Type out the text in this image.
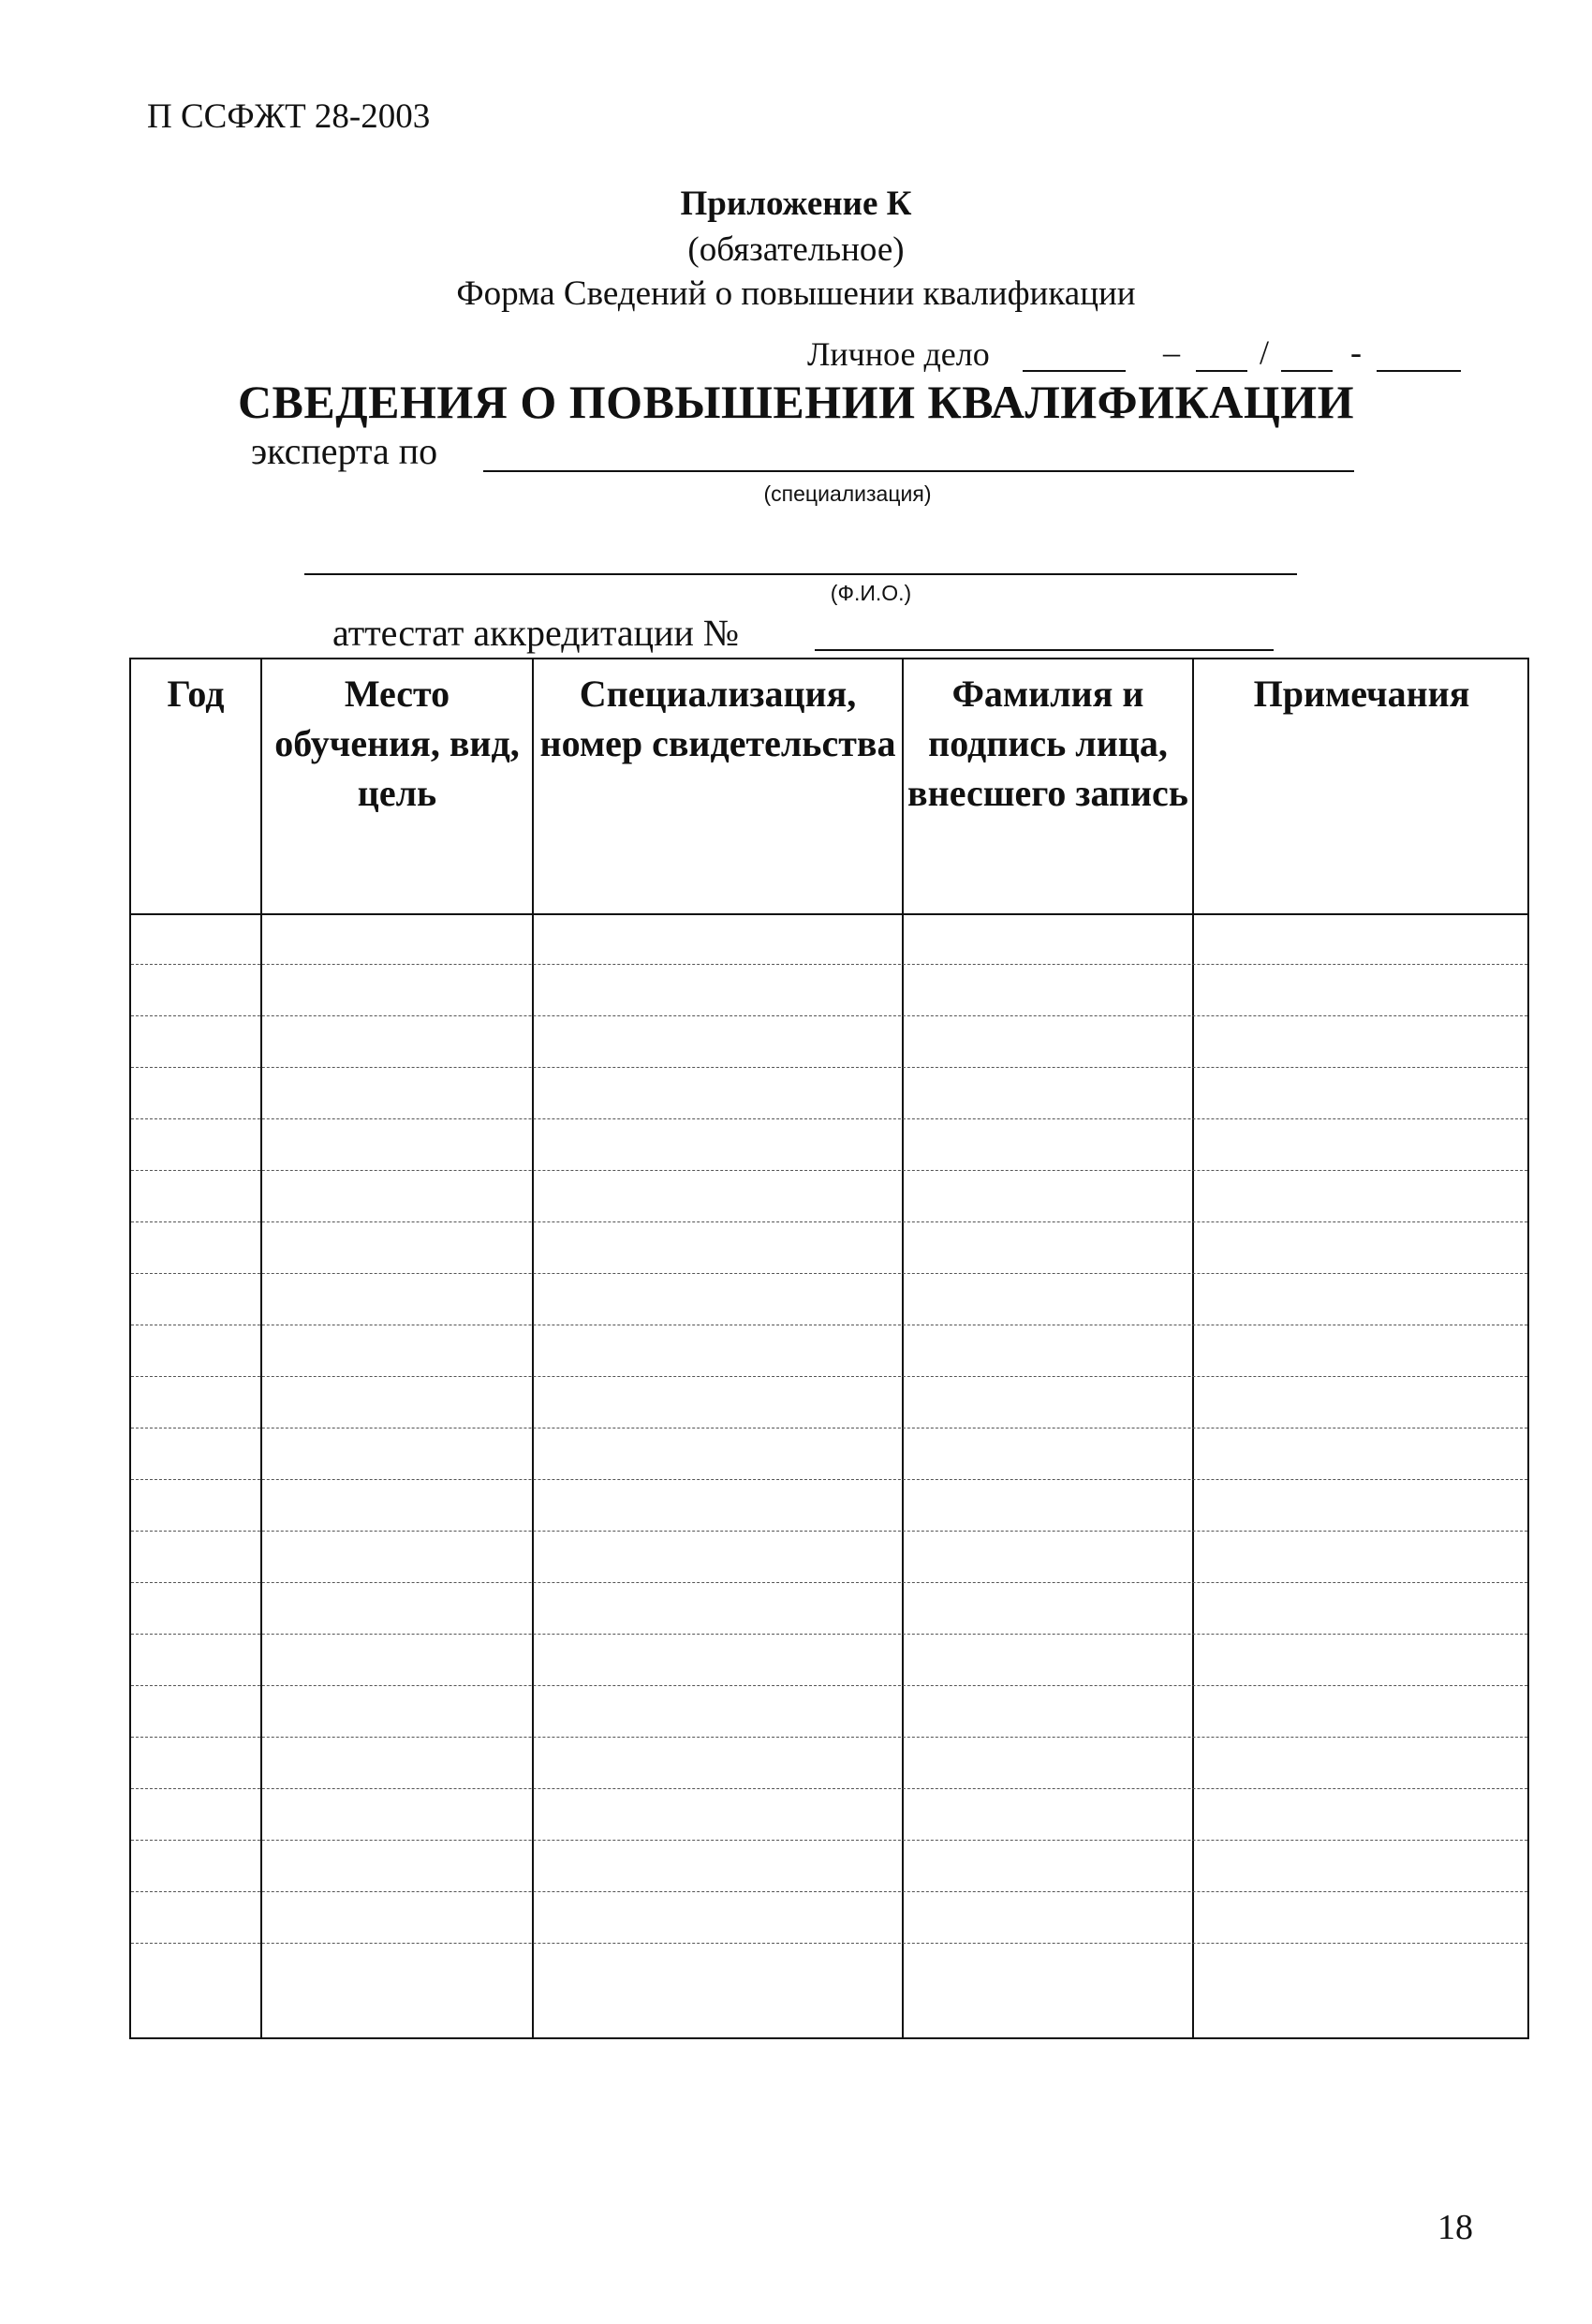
П ССФЖТ 28-2003
Приложение К
(обязательное)
Форма Сведений о повышении квалификации
Личное дело	– / -
СВЕДЕНИЯ О ПОВЫШЕНИИ КВАЛИФИКАЦИИ
эксперта по
(специализация)
(Ф.И.О.)
аттестат аккредитации №
Год	Место обучения, вид, цель
Специализация, номер свидетельства
Фамилия и подпись лица, внесшего запись
Примечания
18
